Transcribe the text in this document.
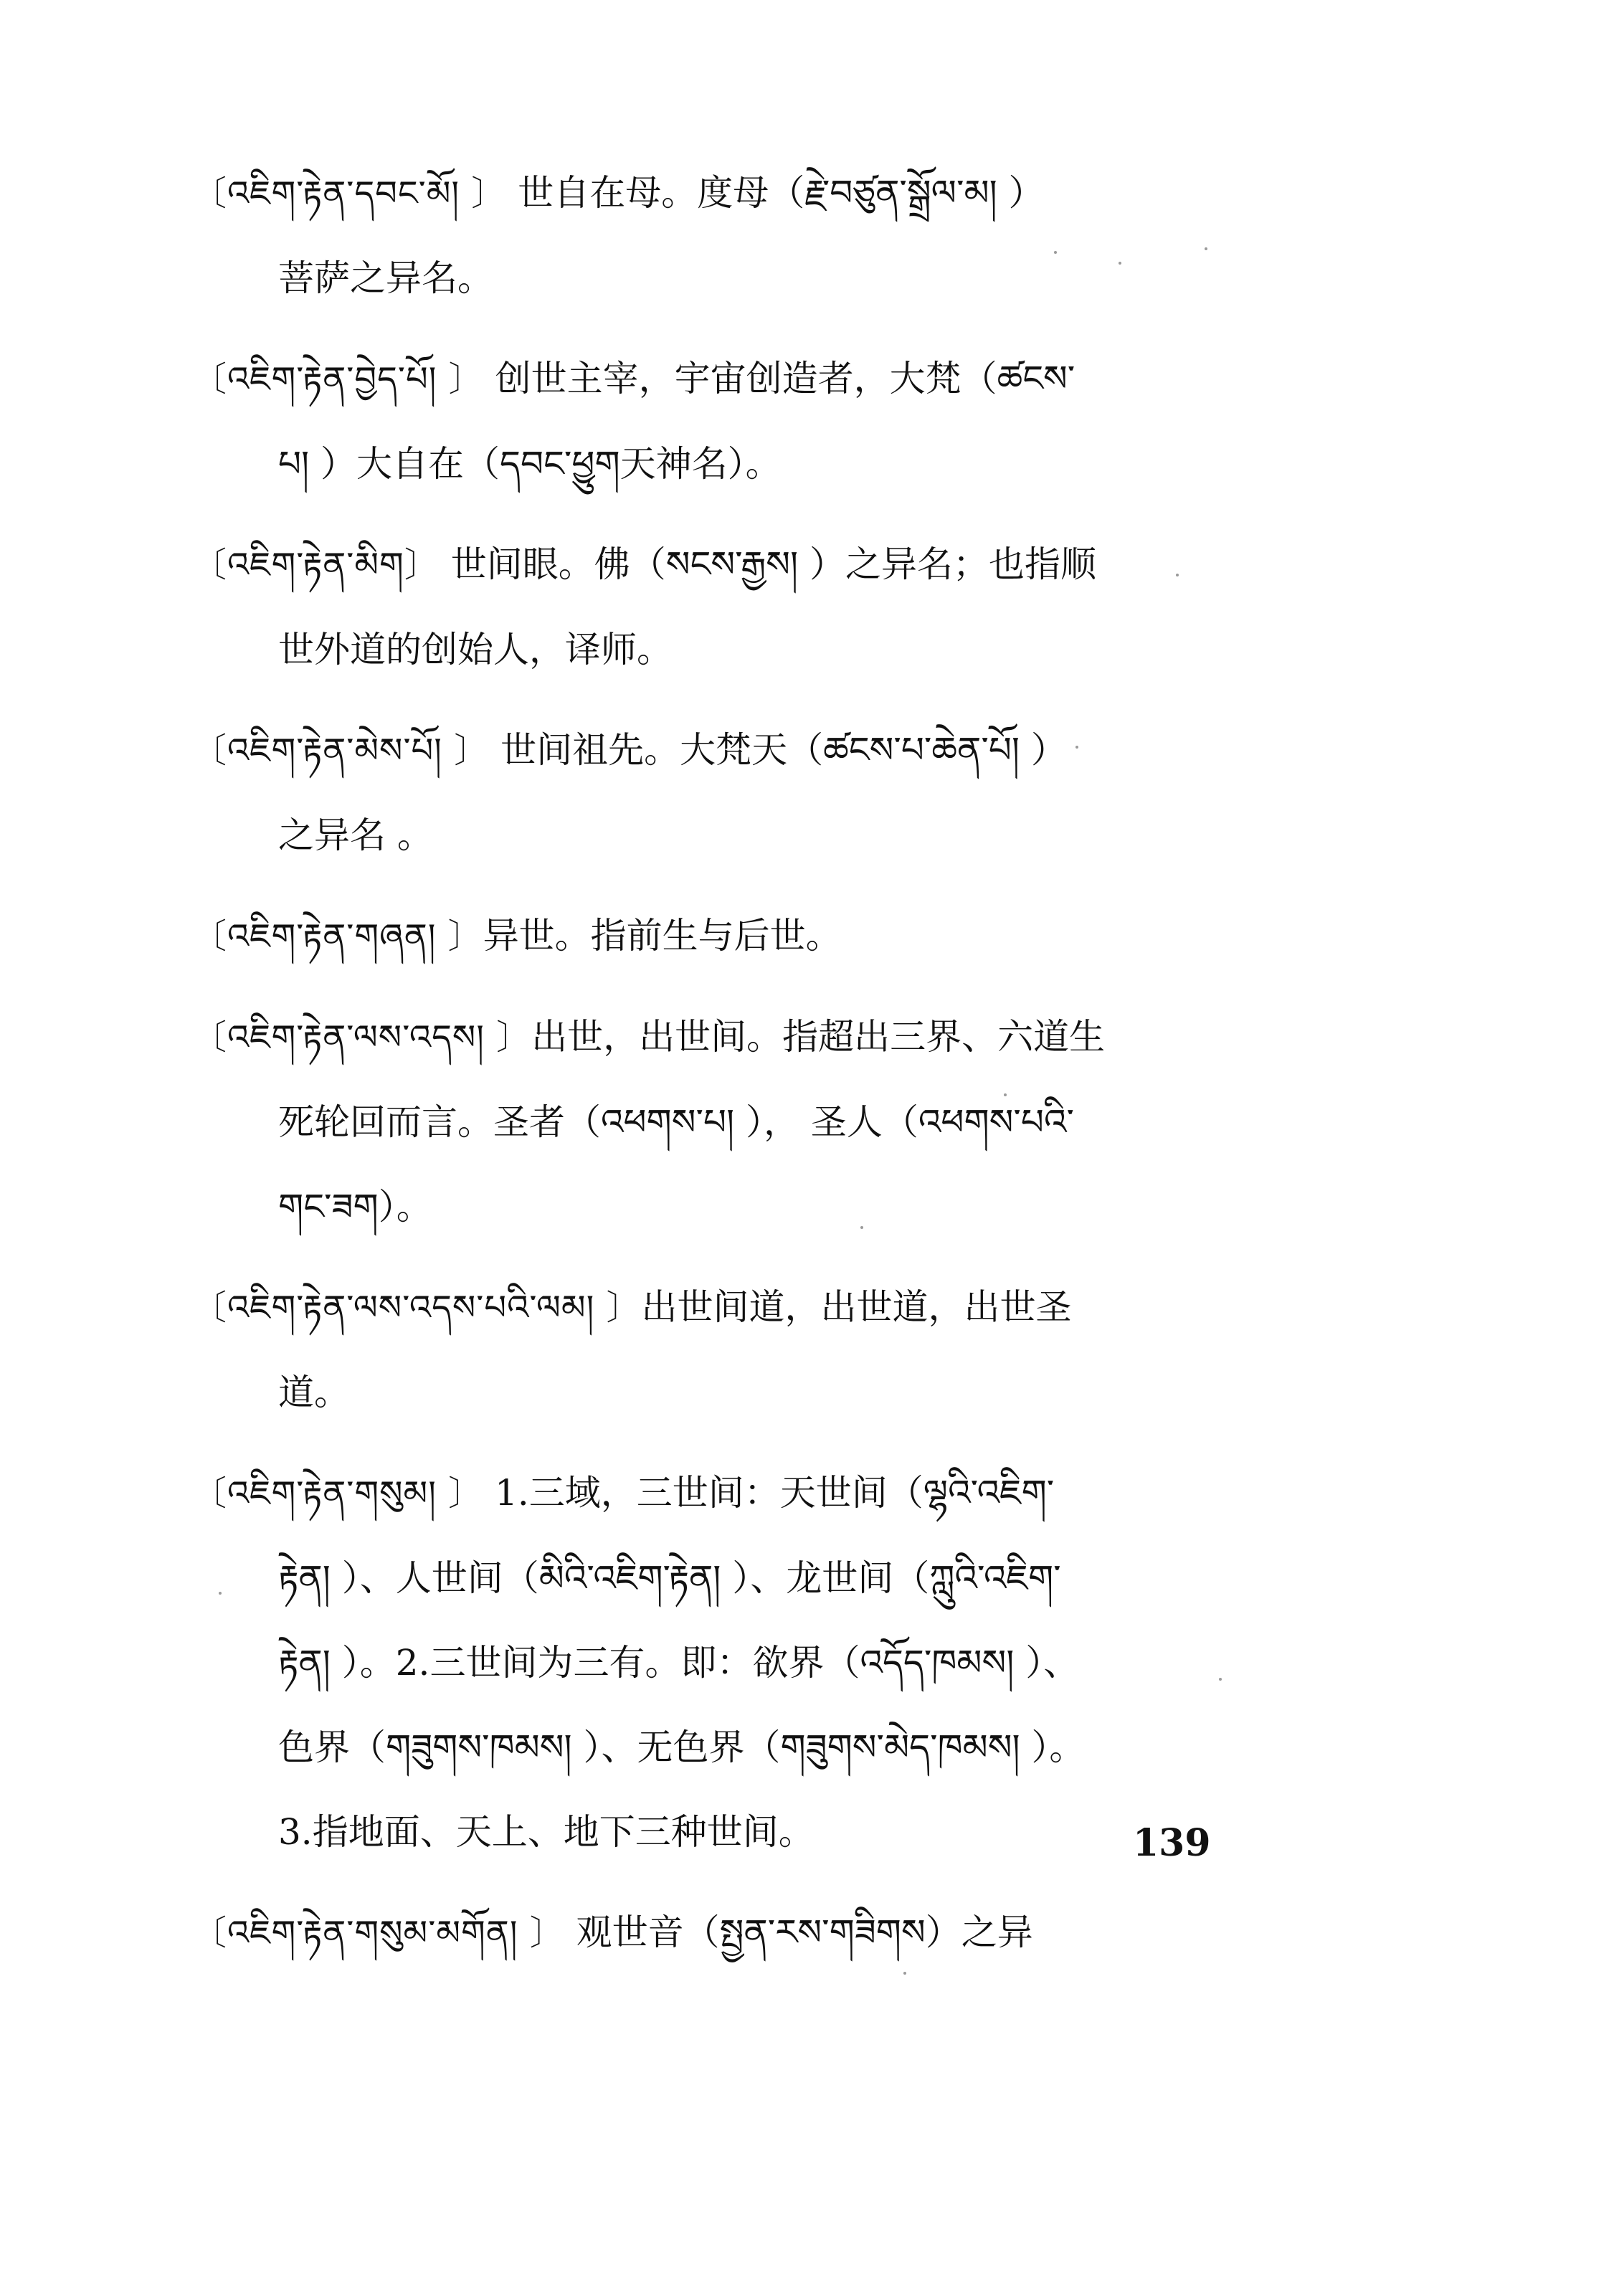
〔འཇིག་རྟེན་དབང་མོ། 〕 世自在母。度母（རྗེ་བཙུན་སྒྲོལ་མ། ）
菩萨之异名。
〔འཇིག་རྟེན་བྱེད་པོ། 〕 创世主宰，宇宙创造者，大梵（ཚངས་
པ། ）大自在（དབང་ཕྱུག天神名）。
〔འཇིག་རྟེན་མིག〕 世间眼。佛（སངས་རྒྱས། ）之异名；也指顺
世外道的创始人，译师。
〔འཇིག་རྟེན་མེས་པོ། 〕 世间祖先。大梵天（ཚངས་པ་ཆེན་པོ། ）
之异名 。
〔འཇིག་རྟེན་གཞན། 〕异世。指前生与后世。
〔འཇིག་རྟེན་ལས་འདས། 〕出世，出世间。指超出三界、六道生
死轮回而言。圣者（འཕགས་པ། ）， 圣人（འཕགས་པའི་
གང་ཟག）。
〔འཇིག་རྟེན་ལས་འདས་པའི་ལམ། 〕出世间道，出世道，出世圣
道。
〔འཇིག་རྟེན་གསུམ། 〕 1.三域，三世间：天世间（ལྷའི་འཇིག་
རྟེན། ）、人世间（མིའི་འཇིག་རྟེན། ）、龙世间（ཀླུའི་འཇིག་
རྟེན། ）。2.三世间为三有。即：欲界（འདོད་ཁམས། ）、
色界（གཟུགས་ཁམས། ）、无色界（གཟུགས་མེད་ཁམས། ）。
3.指地面、天上、地下三种世间。
〔འཇིག་རྟེན་གསུམ་མགོན། 〕 观世音（སྤྱན་རས་གཟིགས）之异
139
